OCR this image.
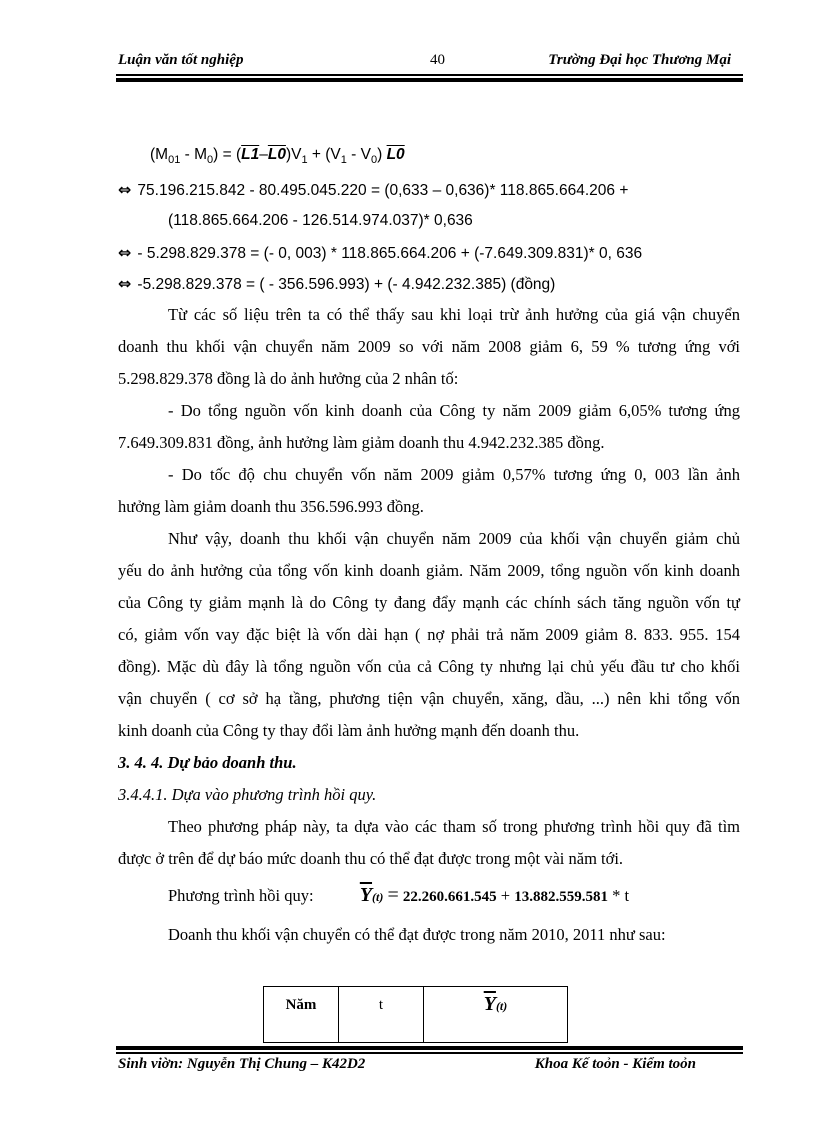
Luận văn tốt nghiệp	40	Trường Đại học Thương Mại
$(M_{01} - M_0) = (L1-L0)V_1 + (V_1 - V_0)$ L0
⇔ 75.196.215.842 - 80.495.045.220 = (0,633 – 0,636)* 118.865.664.206 +
(118.865.664.206 - 126.514.974.037)* 0,636
⇔ - 5.298.829.378 = (- 0, 003) * 118.865.664.206 + (-7.649.309.831)* 0, 636
⇔ -5.298.829.378 = ( - 356.596.993) + (- 4.942.232.385) (đồng)
Từ các số liệu trên ta có thể thấy sau khi loại trừ ảnh hưởng của giá vận chuyển
doanh thu khối vận chuyển năm 2009 so với năm 2008 giảm 6, 59 % tương ứng với
5.298.829.378 đồng là do ảnh hưởng của 2 nhân tố:
- Do tổng nguồn vốn kinh doanh của Công ty năm 2009 giảm 6,05% tương ứng
7.649.309.831 đồng, ảnh hưởng làm giảm doanh thu 4.942.232.385 đồng.
- Do tốc độ chu chuyển vốn năm 2009 giảm 0,57% tương ứng 0, 003 lần ảnh
hưởng làm giảm doanh thu 356.596.993 đồng.
Như vậy, doanh thu khối vận chuyển năm 2009 của khối vận chuyển giảm chủ
yếu do ảnh hưởng của tổng vốn kinh doanh giảm. Năm 2009, tổng nguồn vốn kinh doanh
của Công ty giảm mạnh là do Công ty đang đẩy mạnh các chính sách tăng nguồn vốn tự
có, giảm vốn vay đặc biệt là vốn dài hạn ( nợ phải trả năm 2009 giảm 8. 833. 955. 154
đồng). Mặc dù đây là tổng nguồn vốn của cả Công ty nhưng lại chủ yếu đầu tư cho khối
vận chuyển ( cơ sở hạ tầng, phương tiện vận chuyển, xăng, dầu, ...) nên khi tổng vốn
kinh doanh của Công ty thay đổi làm ảnh hưởng mạnh đến doanh thu.
3. 4. 4. Dự bảo doanh thu.
3.4.4.1. Dựa vào phương trình hồi quy.
Theo phương pháp này, ta dựa vào các tham số trong phương trình hồi quy đã tìm
được ở trên để dự báo mức doanh thu có thể đạt được trong một vài năm tới.
Phương trình hồi quy: $\overline{Y}(t) = 22.260.661.545 + 13.882.559.581 * t$
Doanh thu khối vận chuyển có thể đạt được trong năm 2010, 2011 như sau:
Năm	t	$\overline{Y}(t)$
Sinh viờn: Nguyễn Thị Chung – K42D2	Khoa Kế toỏn - Kiểm toỏn
